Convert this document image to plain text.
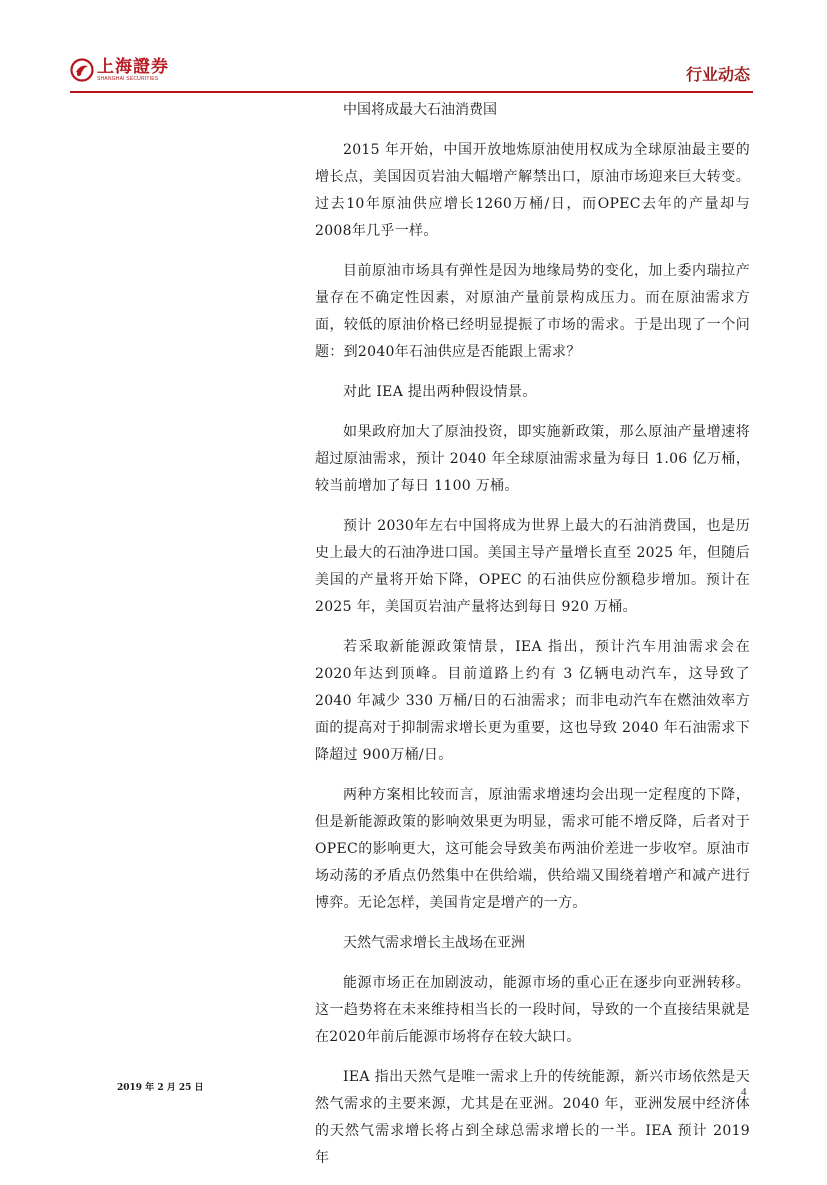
上海證券
SHANGHAI SECURITIES	行业动态

中国将成最大石油消费国

2015 年开始，中国开放地炼原油使用权成为全球原油最主要的增长点，美国因页岩油大幅增产解禁出口，原油市场迎来巨大转变。过去10年原油供应增长1260万桶/日，而OPEC去年的产量却与2008年几乎一样。

目前原油市场具有弹性是因为地缘局势的变化，加上委内瑞拉产量存在不确定性因素，对原油产量前景构成压力。而在原油需求方面，较低的原油价格已经明显提振了市场的需求。于是出现了一个问题：到2040年石油供应是否能跟上需求？

对此 IEA 提出两种假设情景。

如果政府加大了原油投资，即实施新政策，那么原油产量增速将超过原油需求，预计 2040 年全球原油需求量为每日 1.06 亿万桶，较当前增加了每日 1100 万桶。

预计 2030年左右中国将成为世界上最大的石油消费国，也是历史上最大的石油净进口国。美国主导产量增长直至 2025 年，但随后美国的产量将开始下降，OPEC 的石油供应份额稳步增加。预计在2025 年，美国页岩油产量将达到每日 920 万桶。

若采取新能源政策情景，IEA 指出，预计汽车用油需求会在 2020年达到顶峰。目前道路上约有 3 亿辆电动汽车，这导致了 2040 年减少 330 万桶/日的石油需求；而非电动汽车在燃油效率方面的提高对于抑制需求增长更为重要，这也导致 2040 年石油需求下降超过 900万桶/日。

两种方案相比较而言，原油需求增速均会出现一定程度的下降，但是新能源政策的影响效果更为明显，需求可能不增反降，后者对于OPEC的影响更大，这可能会导致美布两油价差进一步收窄。原油市场动荡的矛盾点仍然集中在供给端，供给端又围绕着增产和减产进行博弈。无论怎样，美国肯定是增产的一方。

天然气需求增长主战场在亚洲

能源市场正在加剧波动，能源市场的重心正在逐步向亚洲转移。这一趋势将在未来维持相当长的一段时间，导致的一个直接结果就是在2020年前后能源市场将存在较大缺口。

IEA 指出天然气是唯一需求上升的传统能源，新兴市场依然是天然气需求的主要来源，尤其是在亚洲。2040 年，亚洲发展中经济体的天然气需求增长将占到全球总需求增长的一半。IEA 预计 2019 年

2019 年 2 月 25 日	4
